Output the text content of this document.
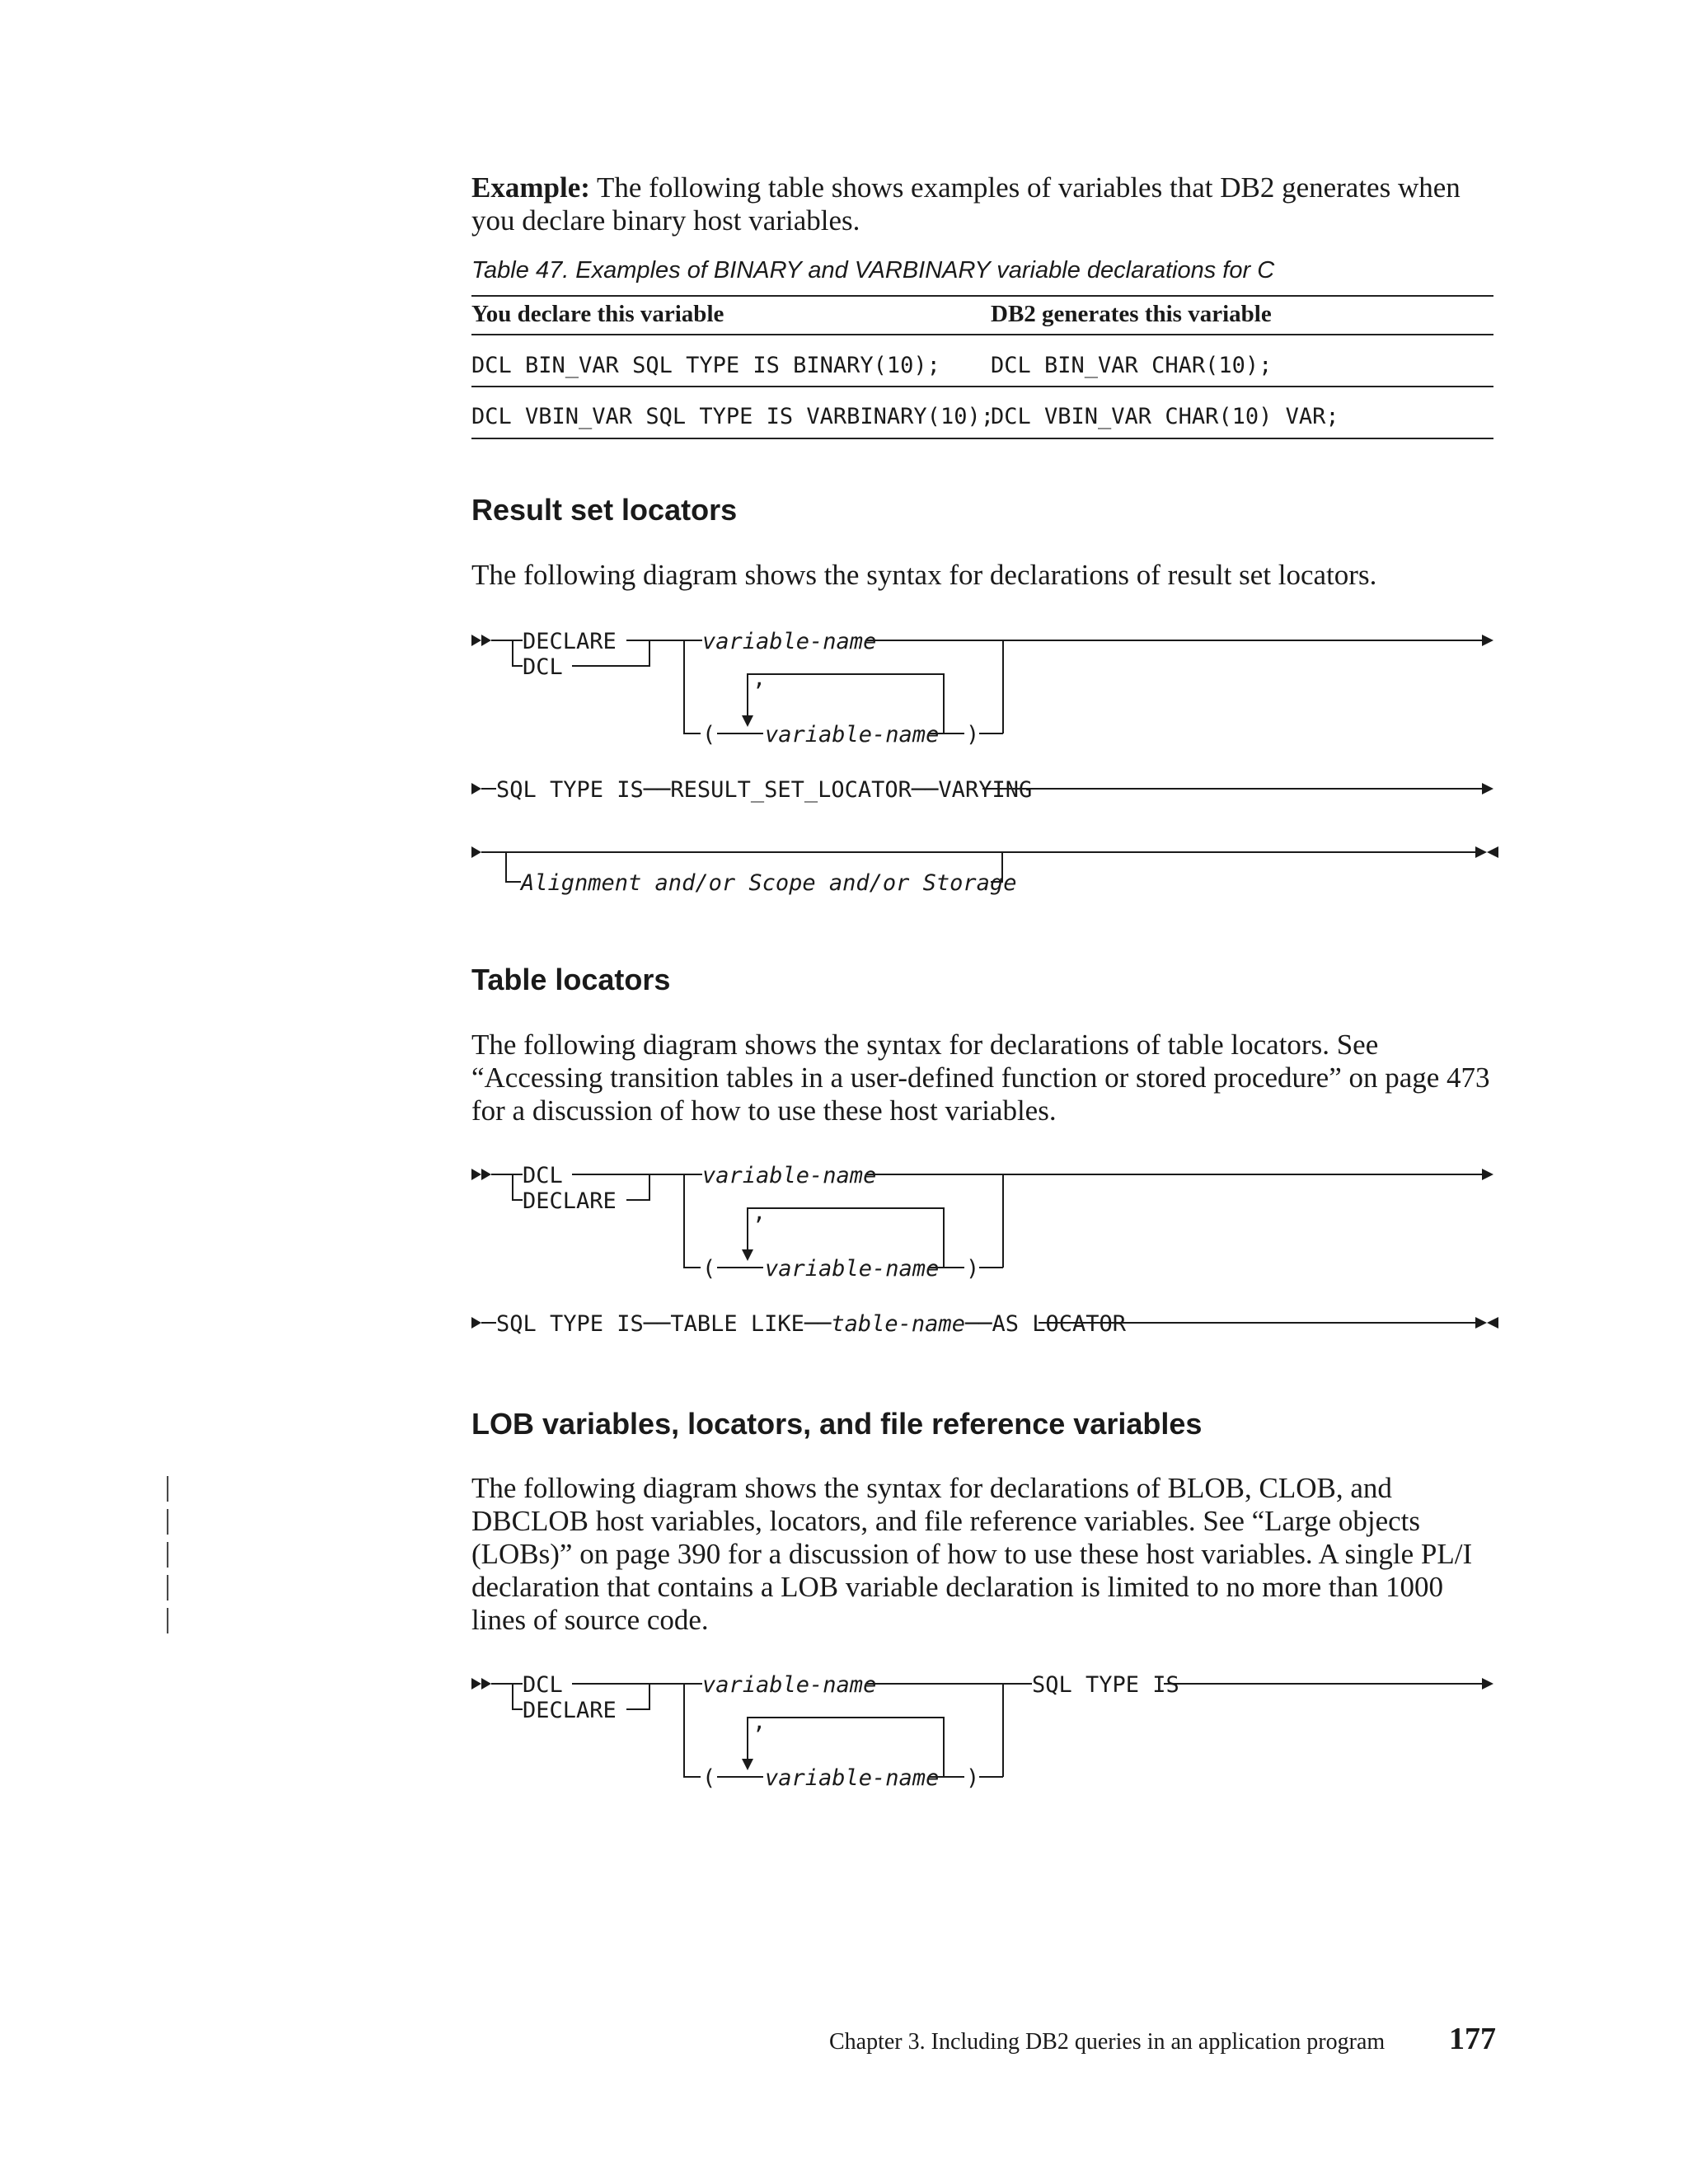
Example: The following table shows examples of variables that DB2 generates when you declare binary host variables.

Table 47. Examples of BINARY and VARBINARY variable declarations for C

You declare this variable	DB2 generates this variable
DCL BIN_VAR SQL TYPE IS BINARY(10); DCL BIN_VAR CHAR(10);
DCL VBIN_VAR SQL TYPE IS VARBINARY(10);
DCL VBIN_VAR CHAR(10) VAR;
Result set locators

The following diagram shows the syntax for declarations of result set locators.

DECLARE
DCL
variable-name
( variable-name )
,
SQL TYPE IS──RESULT_SET_LOCATOR──VARYING
Alignment and/or Scope and/or Storage
Table locators

The following diagram shows the syntax for declarations of table locators. See “Accessing transition tables in a user-defined function or stored procedure” on page 473 for a discussion of how to use these host variables.

DCL
DECLARE
variable-name
( variable-name )
,
SQL TYPE IS──TABLE LIKE──table-name──AS LOCATOR
LOB variables, locators, and file reference variables
|
|
|
|
|

The following diagram shows the syntax for declarations of BLOB, CLOB, and DBCLOB host variables, locators, and file reference variables. See “Large objects (LOBs)” on page 390 for a discussion of how to use these host variables. A single PL/I declaration that contains a LOB variable declaration is limited to no more than 1000 lines of source code.

DCL
DECLARE
variable-name	SQL TYPE IS
( variable-name )
,
Chapter 3. Including DB2 queries in an application program 177
